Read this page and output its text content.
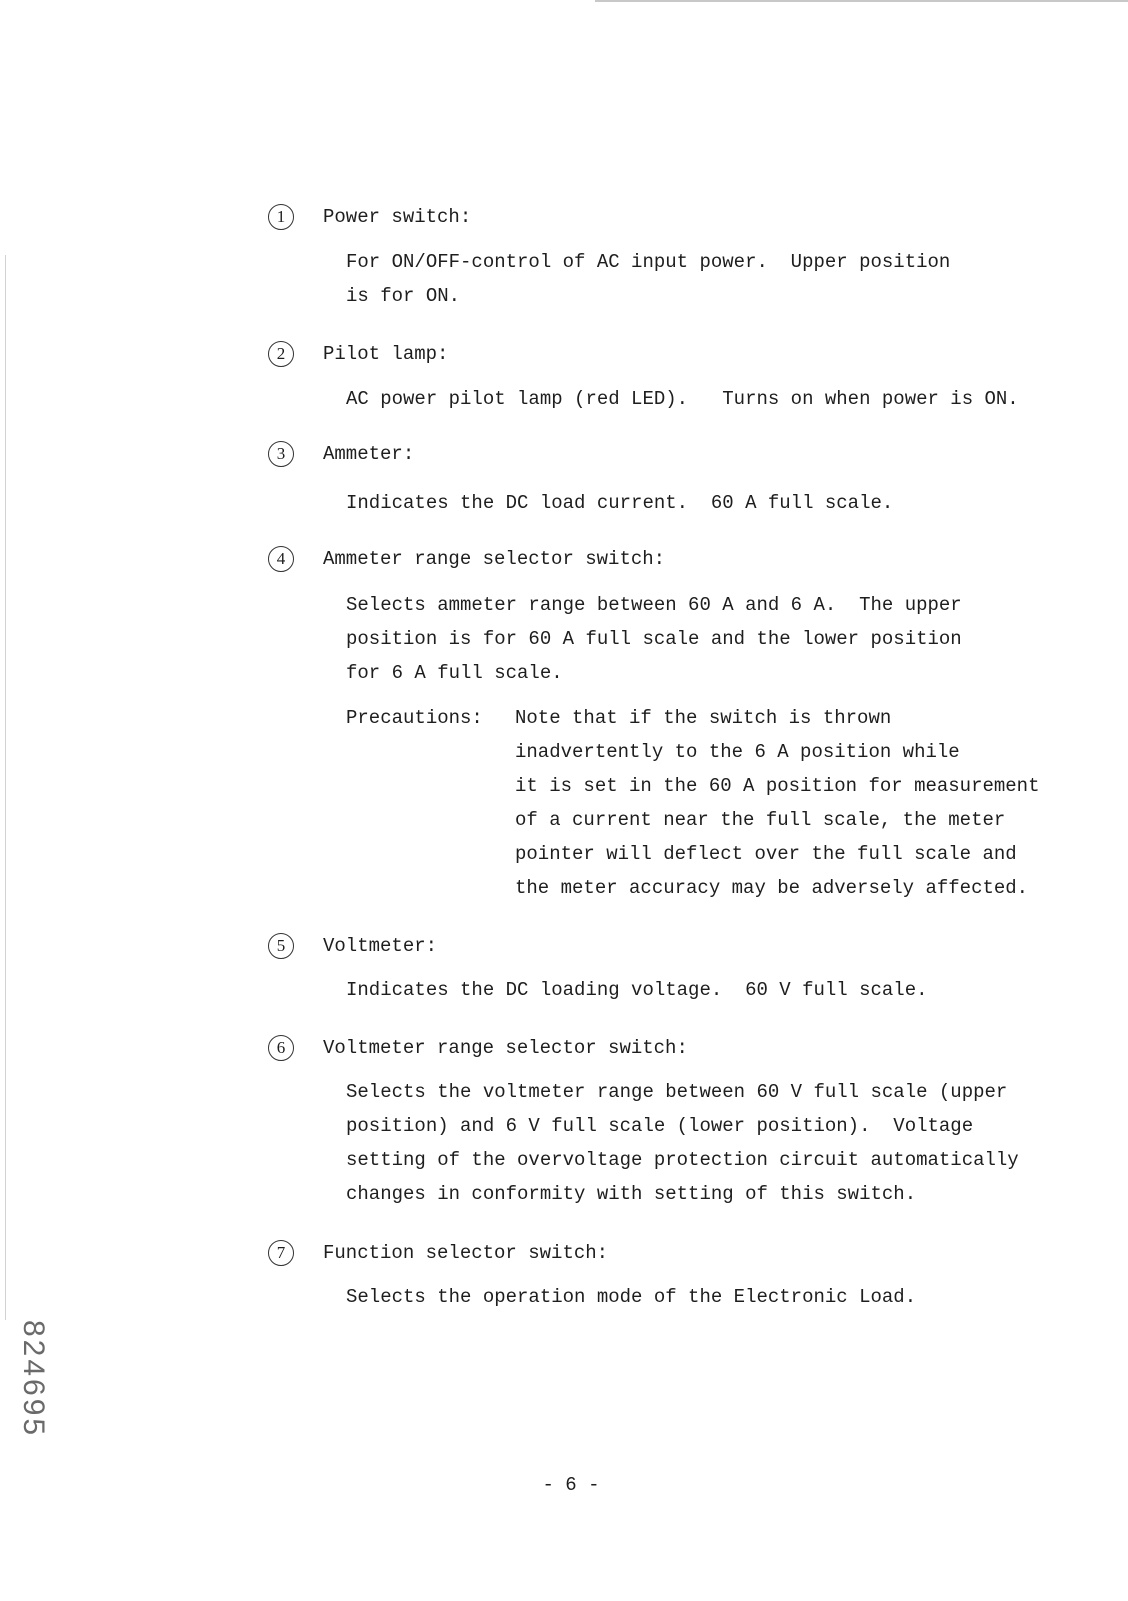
1	Power switch:
For ON/OFF-control of AC input power.  Upper position
is for ON.
2	Pilot lamp:
AC power pilot lamp (red LED).   Turns on when power is ON.
3	Ammeter:
Indicates the DC load current.  60 A full scale.
4	Ammeter range selector switch:
Selects ammeter range between 60 A and 6 A.  The upper
position is for 60 A full scale and the lower position
for 6 A full scale.
Precautions: Note that if the switch is thrown
inadvertently to the 6 A position while
it is set in the 60 A position for measurement
of a current near the full scale, the meter
pointer will deflect over the full scale and
the meter accuracy may be adversely affected.
5	Voltmeter:
Indicates the DC loading voltage.  60 V full scale.
6	Voltmeter range selector switch:
Selects the voltmeter range between 60 V full scale (upper
position) and 6 V full scale (lower position).  Voltage
setting of the overvoltage protection circuit automatically
changes in conformity with setting of this switch.
7	Function selector switch:
Selects the operation mode of the Electronic Load.
- 6 -
824695
